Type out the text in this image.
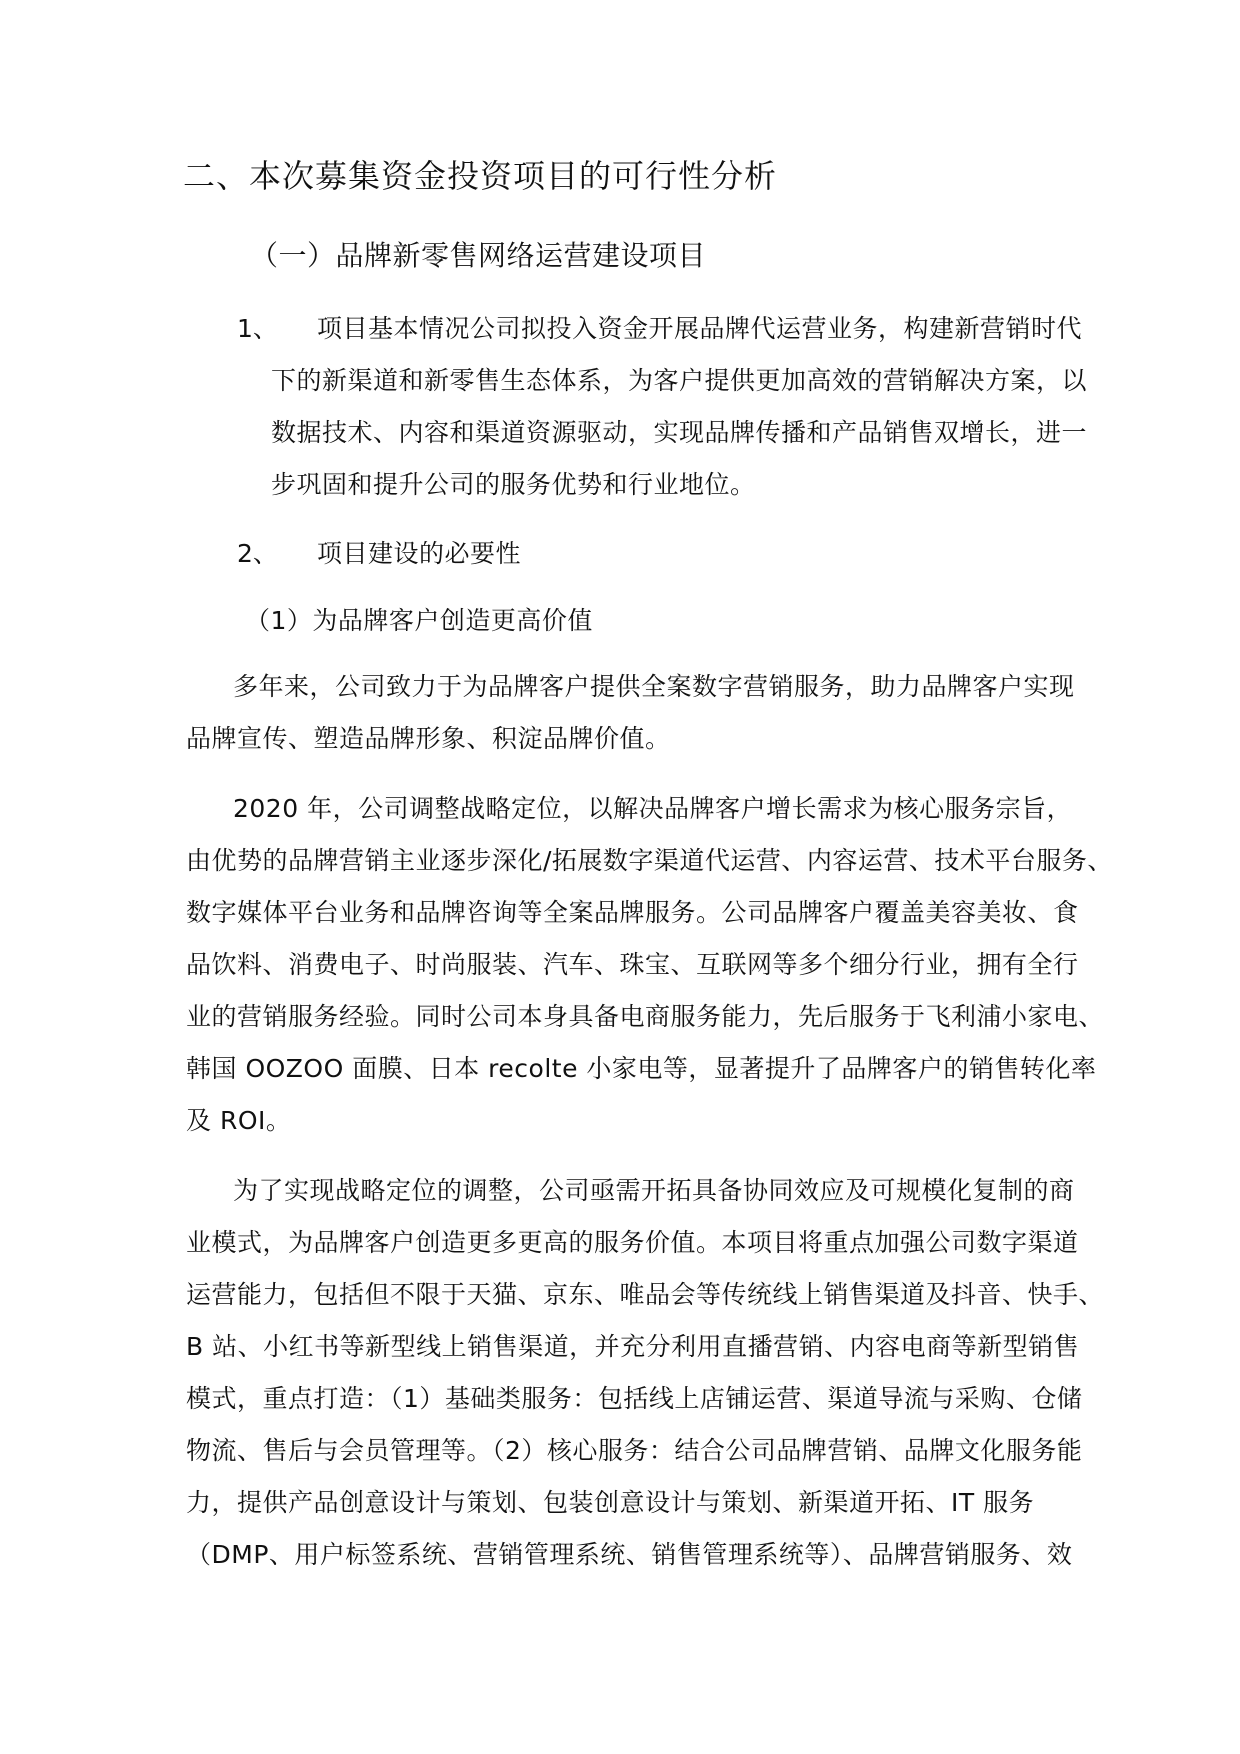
二、本次募集资金投资项目的可行性分析
（一）品牌新零售网络运营建设项目
1、 项目基本情况公司拟投入资金开展品牌代运营业务，构建新营销时代
下的新渠道和新零售生态体系，为客户提供更加高效的营销解决方案，以
数据技术、内容和渠道资源驱动，实现品牌传播和产品销售双增长，进一
步巩固和提升公司的服务优势和行业地位。
2、 项目建设的必要性
（1）为品牌客户创造更高价值
多年来，公司致力于为品牌客户提供全案数字营销服务，助力品牌客户实现
品牌宣传、塑造品牌形象、积淀品牌价值。
2020 年，公司调整战略定位，以解决品牌客户增长需求为核心服务宗旨，
由优势的品牌营销主业逐步深化/拓展数字渠道代运营、内容运营、技术平台服务、
数字媒体平台业务和品牌咨询等全案品牌服务。公司品牌客户覆盖美容美妆、食
品饮料、消费电子、时尚服装、汽车、珠宝、互联网等多个细分行业，拥有全行
业的营销服务经验。同时公司本身具备电商服务能力，先后服务于飞利浦小家电、
韩国 OOZOO 面膜、日本 recolte 小家电等，显著提升了品牌客户的销售转化率
及 ROI。
为了实现战略定位的调整，公司亟需开拓具备协同效应及可规模化复制的商
业模式，为品牌客户创造更多更高的服务价值。本项目将重点加强公司数字渠道
运营能力，包括但不限于天猫、京东、唯品会等传统线上销售渠道及抖音、快手、
B 站、小红书等新型线上销售渠道，并充分利用直播营销、内容电商等新型销售
模式，重点打造：（1）基础类服务：包括线上店铺运营、渠道导流与采购、仓储
物流、售后与会员管理等。（2）核心服务：结合公司品牌营销、品牌文化服务能
力，提供产品创意设计与策划、包装创意设计与策划、新渠道开拓、IT 服务
（DMP、用户标签系统、营销管理系统、销售管理系统等）、品牌营销服务、效
